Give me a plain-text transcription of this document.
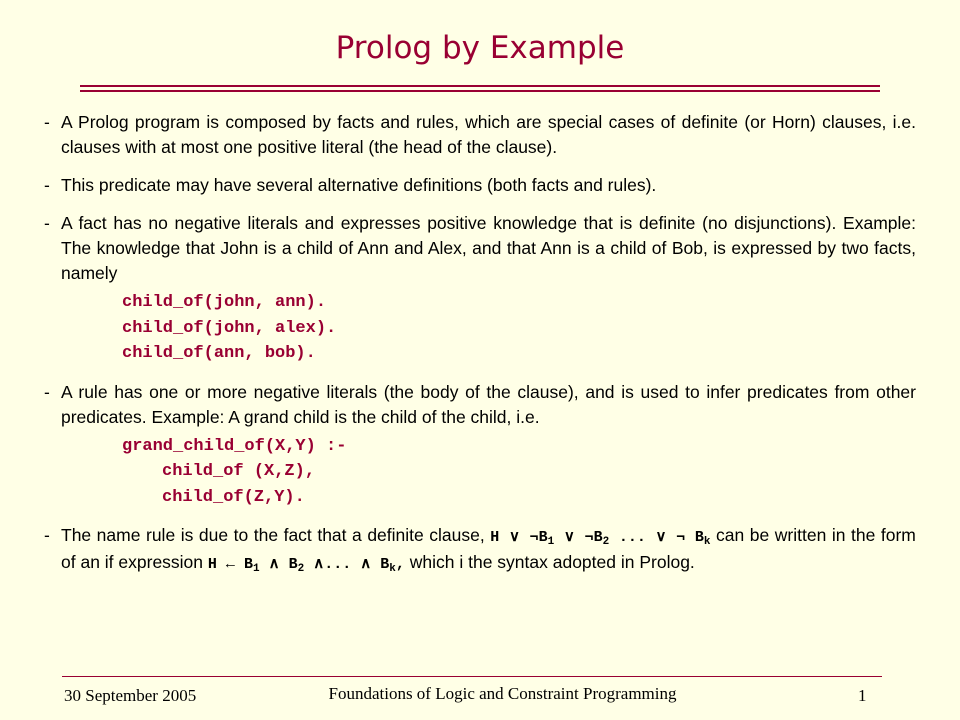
Prolog by Example
- A Prolog program is composed by facts and rules, which are special cases of definite (or Horn) clauses, i.e. clauses with at most one positive literal (the head of the clause).
- This predicate may have several alternative definitions (both facts and rules).
- A fact has no negative literals and expresses positive knowledge that is definite (no disjunctions). Example: The knowledge that John is a child of Ann and Alex, and that Ann is a child of Bob, is expressed by two facts, namely
child_of(john, ann).
child_of(john, alex).
child_of(ann, bob).
- A rule has one or more negative literals (the body of the clause), and is used to infer predicates from other predicates. Example: A grand child is the child of the child, i.e.
grand_child_of(X,Y) :-
child_of (X,Z),
child_of(Z,Y).
- The name rule is due to the fact that a definite clause, H ∨ $\neg B_1$ ∨ $\neg B_2$ ... ∨ ¬ $B_k$ can be written in the form of an if expression H ← $B_1$ ∧ $B_2$ ∧... ∧ $B_k$, which i the syntax adopted in Prolog.
30 September 2005	Foundations of Logic and Constraint Programming	1
